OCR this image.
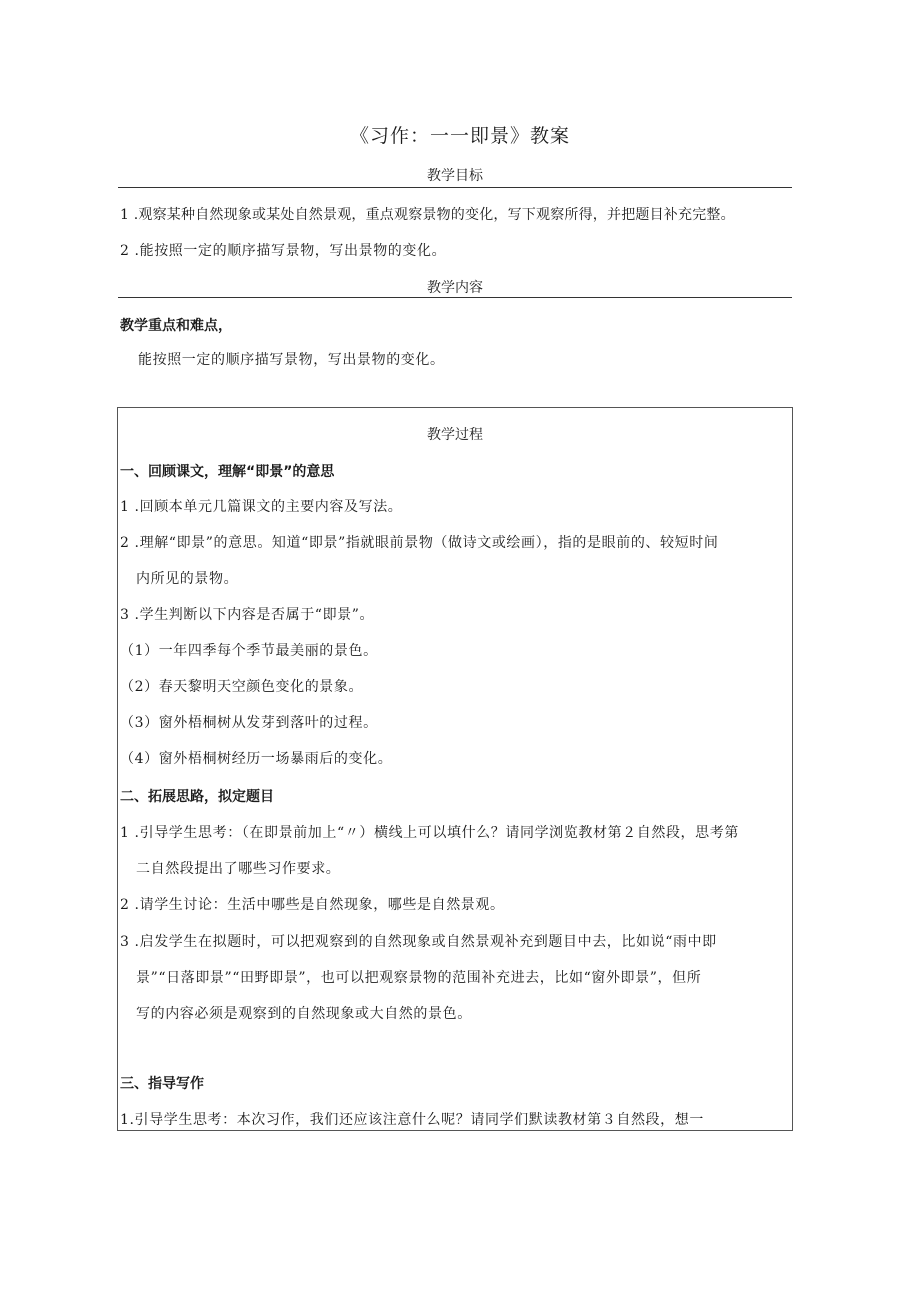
《习作：一一即景》教案
教学目标
1 .观察某种自然现象或某处自然景观，重点观察景物的变化，写下观察所得，并把题目补充完整。
2 .能按照一定的顺序描写景物，写出景物的变化。
教学内容
教学重点和难点，
能按照一定的顺序描写景物，写出景物的变化。
教学过程
一、回顾课文，理解“即景”的意思
1 .回顾本单元几篇课文的主要内容及写法。
2 .理解“即景”的意思。知道“即景”指就眼前景物（做诗文或绘画），指的是眼前的、较短时间
内所见的景物。
3 .学生判断以下内容是否属于“即景”。
（1）一年四季每个季节最美丽的景色。
（2）春天黎明天空颜色变化的景象。
（3）窗外梧桐树从发芽到落叶的过程。
（4）窗外梧桐树经历一场暴雨后的变化。
二、拓展思路，拟定题目
1 .引导学生思考：（在即景前加上“〃）横线上可以填什么？请同学浏览教材第２自然段，思考第
二自然段提出了哪些习作要求。
2 .请学生讨论：生活中哪些是自然现象，哪些是自然景观。
3 .启发学生在拟题时，可以把观察到的自然现象或自然景观补充到题目中去，比如说“雨中即
景”“日落即景”“田野即景”，也可以把观察景物的范围补充进去，比如“窗外即景”，但所
写的内容必须是观察到的自然现象或大自然的景色。
三、指导写作
1.引导学生思考：本次习作，我们还应该注意什么呢？请同学们默读教材第３自然段，想一
